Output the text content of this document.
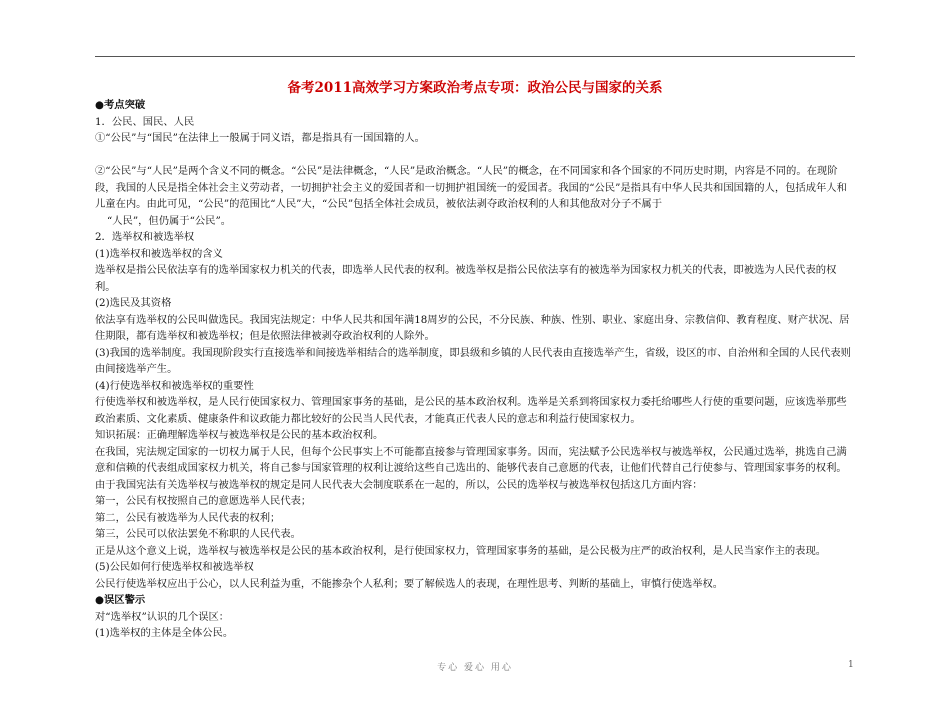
备考2011高效学习方案政治考点专项：政治公民与国家的关系

●考点突破

1．公民、国民、人民

①“公民”与“国民”在法律上一般属于同义语，都是指具有一国国籍的人。

②“公民”与“人民”是两个含义不同的概念。“公民”是法律概念，“人民”是政治概念。“人民”的概念，在不同国家和各个国家的不同历史时期，内容是不同的。在现阶段，我国的人民是指全体社会主义劳动者，一切拥护社会主义的爱国者和一切拥护祖国统一的爱国者。我国的“公民”是指具有中华人民共和国国籍的人，包括成年人和儿童在内。由此可见，“公民”的范围比“人民”大，“公民”包括全体社会成员，被依法剥夺政治权利的人和其他敌对分子不属于

“人民”，但仍属于“公民”。

2．选举权和被选举权

(1)选举权和被选举权的含义

选举权是指公民依法享有的选举国家权力机关的代表，即选举人民代表的权利。被选举权是指公民依法享有的被选举为国家权力机关的代表，即被选为人民代表的权利。

(2)选民及其资格

依法享有选举权的公民叫做选民。我国宪法规定：中华人民共和国年满18周岁的公民，不分民族、种族、性别、职业、家庭出身、宗教信仰、教育程度、财产状况、居住期限，都有选举权和被选举权；但是依照法律被剥夺政治权利的人除外。

(3)我国的选举制度。我国现阶段实行直接选举和间接选举相结合的选举制度，即县级和乡镇的人民代表由直接选举产生，省级，设区的市、自治州和全国的人民代表则由间接选举产生。

(4)行使选举权和被选举权的重要性

行使选举权和被选举权，是人民行使国家权力、管理国家事务的基础，是公民的基本政治权利。选举是关系到将国家权力委托给哪些人行使的重要问题，应该选举那些政治素质、文化素质、健康条件和议政能力都比较好的公民当人民代表，才能真正代表人民的意志和利益行使国家权力。

知识拓展：正确理解选举权与被选举权是公民的基本政治权利。

在我国，宪法规定国家的一切权力属于人民，但每个公民事实上不可能都直接参与管理国家事务。因而，宪法赋予公民选举权与被选举权，公民通过选举，挑选自己满意和信赖的代表组成国家权力机关，将自己参与国家管理的权利让渡给这些自己选出的、能够代表自己意愿的代表，让他们代替自己行使参与、管理国家事务的权利。由于我国宪法有关选举权与被选举权的规定是同人民代表大会制度联系在一起的，所以，公民的选举权与被选举权包括这几方面内容：

第一，公民有权按照自己的意愿选举人民代表；

第二，公民有被选举为人民代表的权利；

第三，公民可以依法罢免不称职的人民代表。

正是从这个意义上说，选举权与被选举权是公民的基本政治权利，是行使国家权力，管理国家事务的基础，是公民极为庄严的政治权利，是人民当家作主的表现。

(5)公民如何行使选举权和被选举权

公民行使选举权应出于公心，以人民利益为重，不能掺杂个人私利；要了解候选人的表现，在理性思考、判断的基础上，审慎行使选举权。

●误区警示

对“选举权”认识的几个误区：

(1)选举权的主体是全体公民。

专心 爱心 用心	1
